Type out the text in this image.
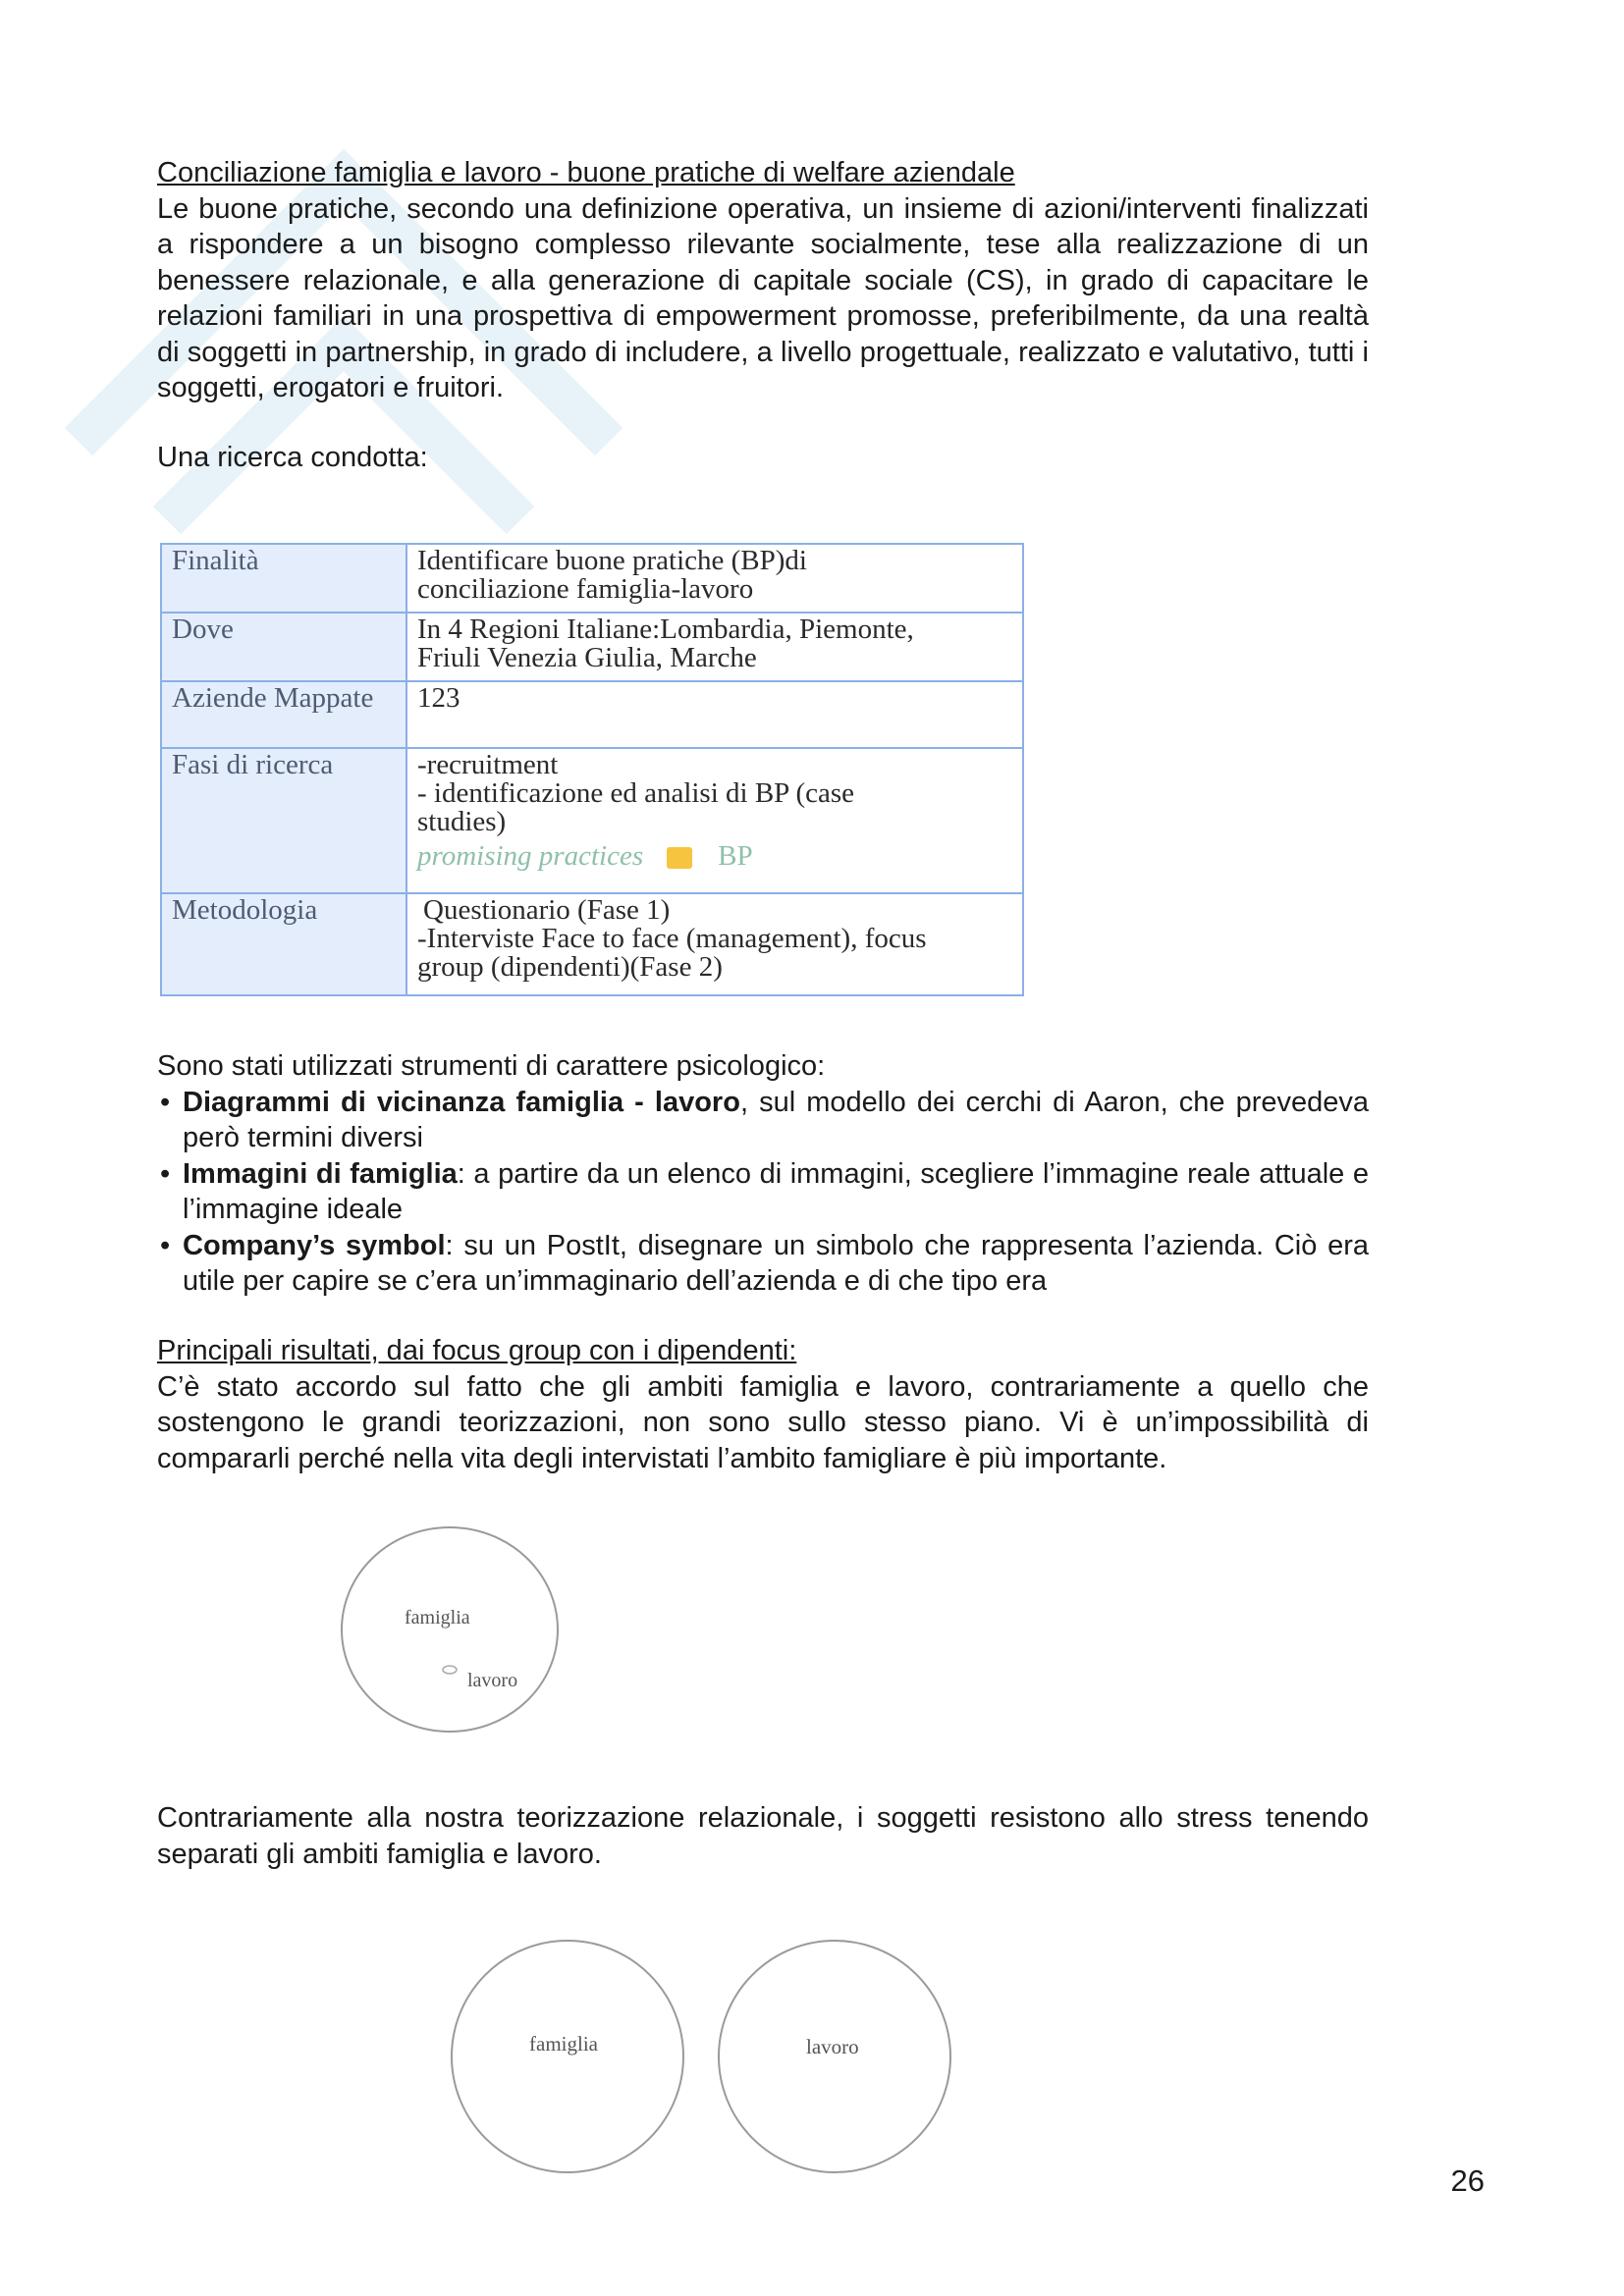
Conciliazione famiglia e lavoro - buone pratiche di welfare aziendale

Le buone pratiche, secondo una definizione operativa, un insieme di azioni/interventi finalizzati a rispondere a un bisogno complesso rilevante socialmente, tese alla realizzazione di un benessere relazionale, e alla generazione di capitale sociale (CS), in grado di capacitare le relazioni familiari in una prospettiva di empowerment promosse, preferibilmente, da una realtà di soggetti in partnership, in grado di includere, a livello progettuale, realizzato e valutativo, tutti i soggetti, erogatori e fruitori.

Una ricerca condotta:

Finalità	Identificare buone pratiche (BP)di
conciliazione famiglia-lavoro

Dove	In 4 Regioni Italiane:Lombardia, Piemonte,
Friuli Venezia Giulia, Marche

Aziende Mappate	123

Fasi di ricerca	-recruitment
- identificazione ed analisi di BP (case
studies)
promising practices BP

Metodologia	Questionario (Fase 1)
-Interviste Face to face (management), focus
group (dipendenti)(Fase 2)

Sono stati utilizzati strumenti di carattere psicologico:

• Diagrammi di vicinanza famiglia - lavoro, sul modello dei cerchi di Aaron, che prevedeva però termini diversi
• Immagini di famiglia: a partire da un elenco di immagini, scegliere l’immagine reale attuale e l’immagine ideale
• Company’s symbol: su un PostIt, disegnare un simbolo che rappresenta l’azienda. Ciò era utile per capire se c’era un’immaginario dell’azienda e di che tipo era

Principali risultati, dai focus group con i dipendenti:

C’è stato accordo sul fatto che gli ambiti famiglia e lavoro, contrariamente a quello che sostengono le grandi teorizzazioni, non sono sullo stesso piano. Vi è un’impossibilità di compararli perché nella vita degli intervistati l’ambito famigliare è più importante.

famiglia
lavoro

Contrariamente alla nostra teorizzazione relazionale, i soggetti resistono allo stress tenendo separati gli ambiti famiglia e lavoro.

famiglia	lavoro
26
